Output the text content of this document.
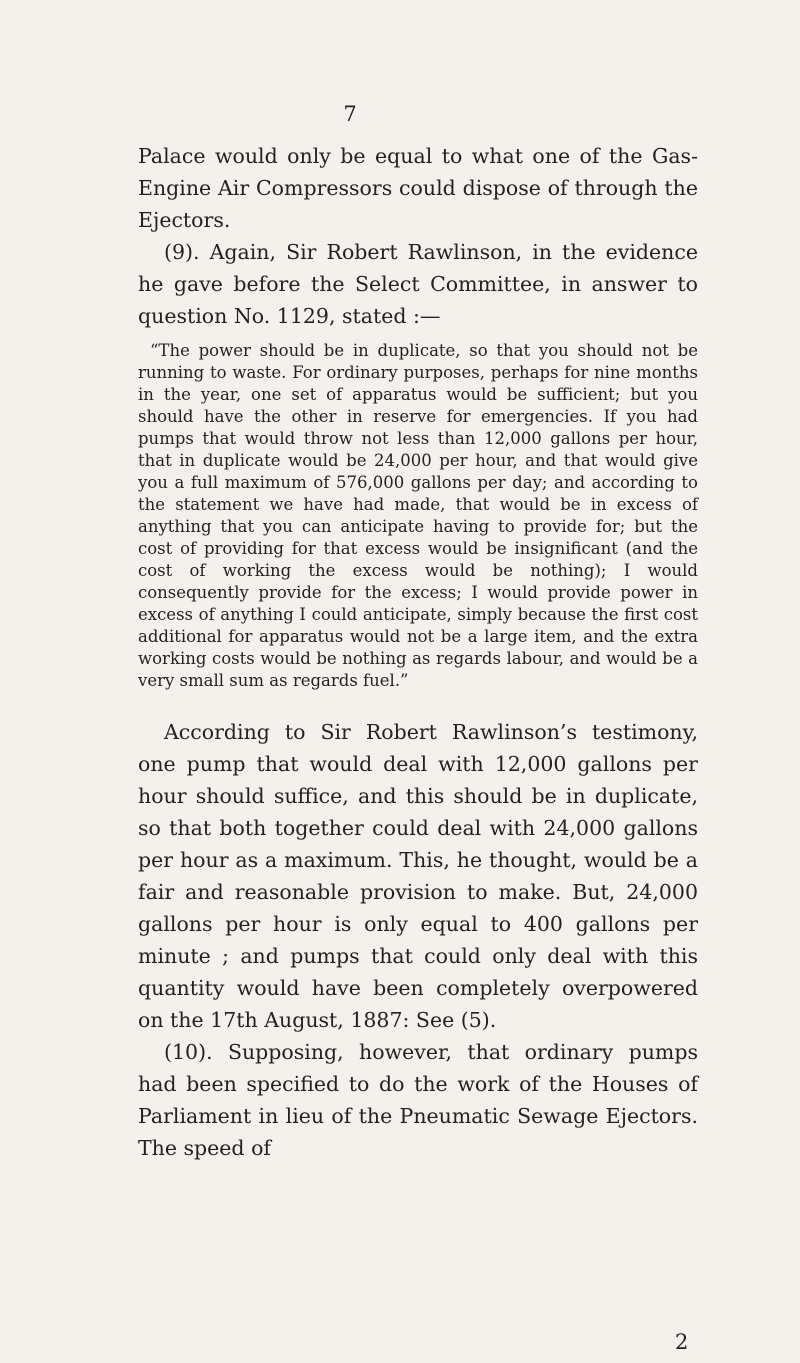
7

Palace would only be equal to what one of the Gas-Engine Air Compressors could dispose of through the Ejectors.

(9). Again, Sir Robert Rawlinson, in the evidence he gave before the Select Committee, in answer to question No. 1129, stated :—

“The power should be in duplicate, so that you should not be running to waste. For ordinary purposes, perhaps for nine months in the year, one set of apparatus would be sufficient; but you should have the other in reserve for emergencies. If you had pumps that would throw not less than 12,000 gallons per hour, that in duplicate would be 24,000 per hour, and that would give you a full maximum of 576,000 gallons per day; and according to the statement we have had made, that would be in excess of anything that you can anticipate having to provide for; but the cost of providing for that excess would be insignificant (and the cost of working the excess would be nothing); I would consequently provide for the excess; I would provide power in excess of anything I could anticipate, simply because the first cost additional for apparatus would not be a large item, and the extra working costs would be nothing as regards labour, and would be a very small sum as regards fuel.”

According to Sir Robert Rawlinson’s testimony, one pump that would deal with 12,000 gallons per hour should suffice, and this should be in duplicate, so that both together could deal with 24,000 gallons per hour as a maximum. This, he thought, would be a fair and reasonable provision to make. But, 24,000 gallons per hour is only equal to 400 gallons per minute ; and pumps that could only deal with this quantity would have been completely overpowered on the 17th August, 1887: See (5).

(10). Supposing, however, that ordinary pumps had been specified to do the work of the Houses of Parliament in lieu of the Pneumatic Sewage Ejectors. The speed of

2
